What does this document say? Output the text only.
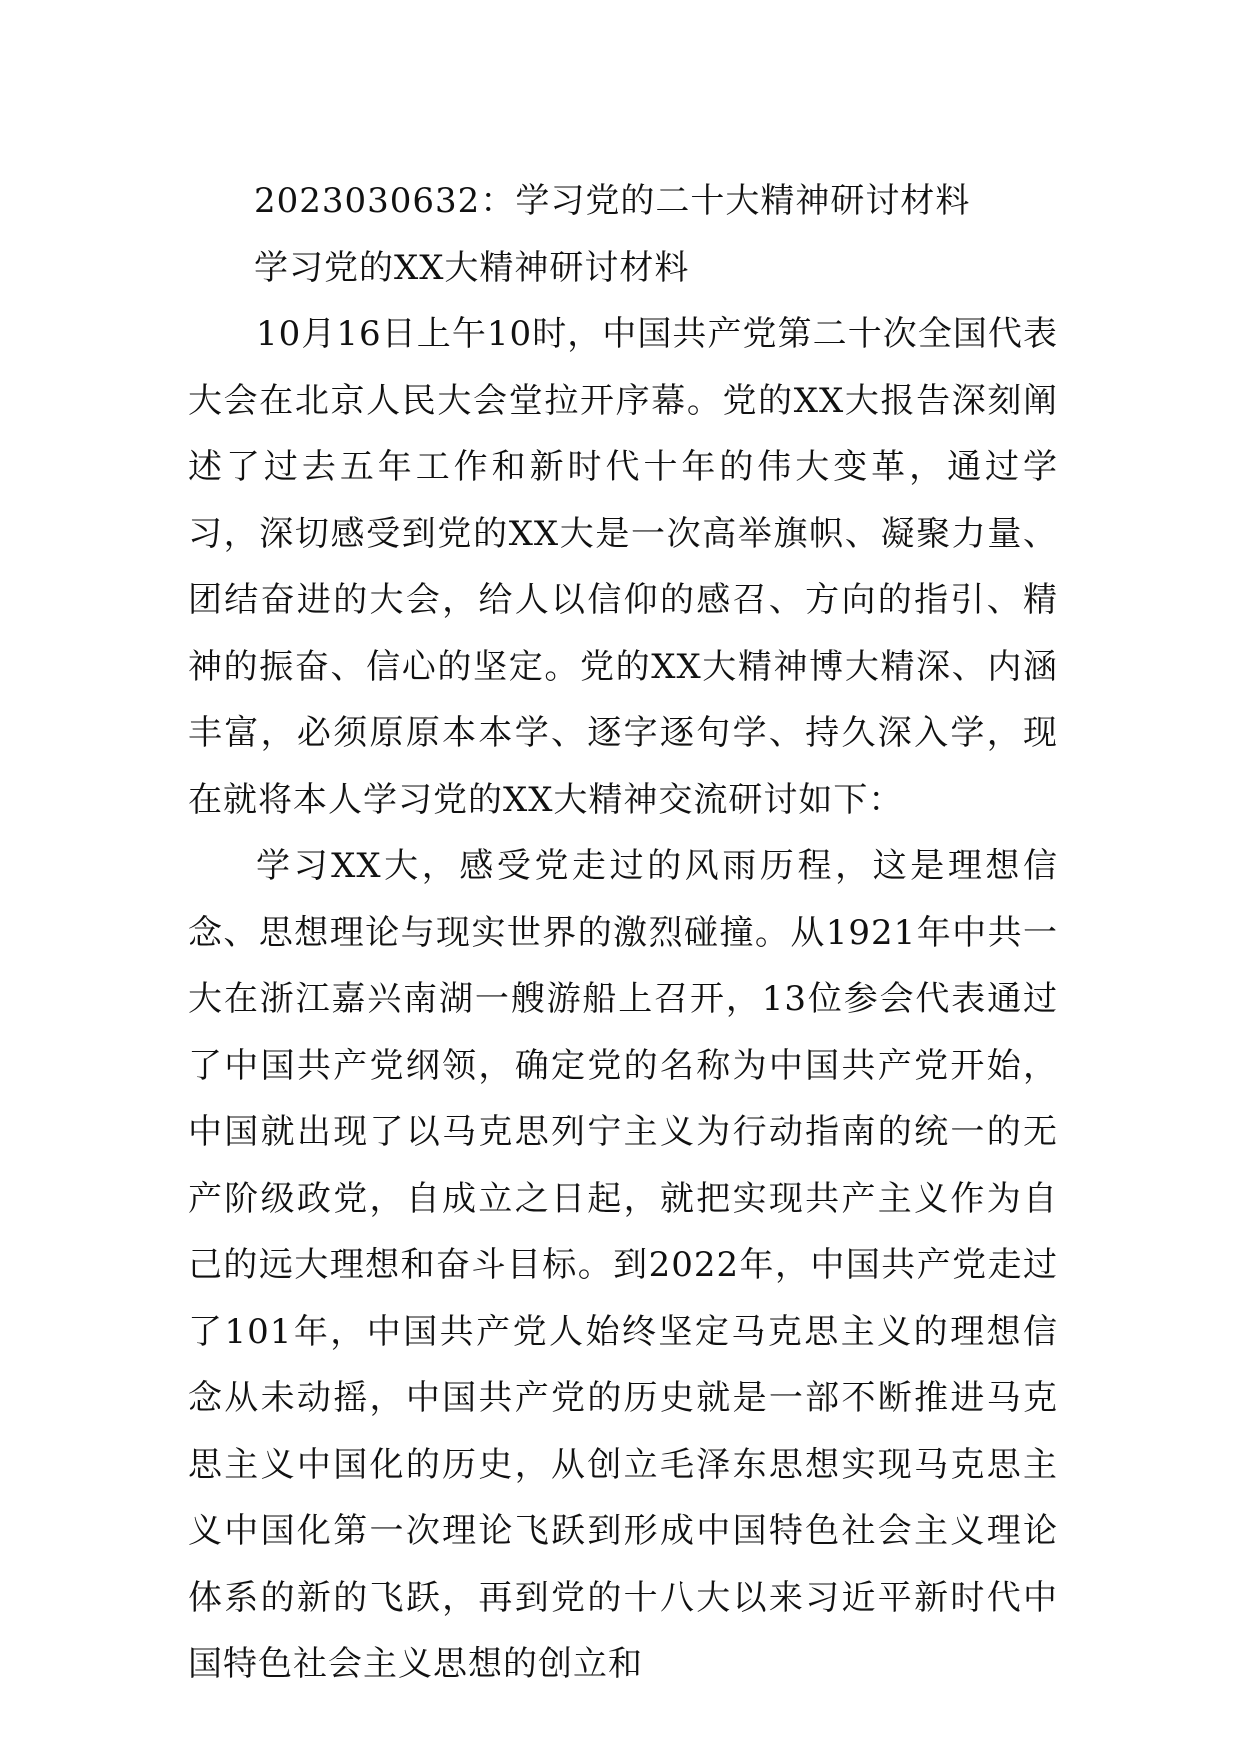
2023030632：学习党的二十大精神研讨材料
学习党的XX大精神研讨材料

10月16日上午10时，中国共产党第二十次全国代表大会在北京人民大会堂拉开序幕。党的XX大报告深刻阐述了过去五年工作和新时代十年的伟大变革，通过学习，深切感受到党的XX大是一次高举旗帜、凝聚力量、团结奋进的大会，给人以信仰的感召、方向的指引、精神的振奋、信心的坚定。党的XX大精神博大精深、内涵丰富，必须原原本本学、逐字逐句学、持久深入学，现在就将本人学习党的XX大精神交流研讨如下：

学习XX大，感受党走过的风雨历程，这是理想信念、思想理论与现实世界的激烈碰撞。从1921年中共一大在浙江嘉兴南湖一艘游船上召开，13位参会代表通过了中国共产党纲领，确定党的名称为中国共产党开始，中国就出现了以马克思列宁主义为行动指南的统一的无产阶级政党，自成立之日起，就把实现共产主义作为自己的远大理想和奋斗目标。到2022年，中国共产党走过了101年，中国共产党人始终坚定马克思主义的理想信念从未动摇，中国共产党的历史就是一部不断推进马克思主义中国化的历史，从创立毛泽东思想实现马克思主义中国化第一次理论飞跃到形成中国特色社会主义理论体系的新的飞跃，再到党的十八大以来习近平新时代中国特色社会主义思想的创立和
